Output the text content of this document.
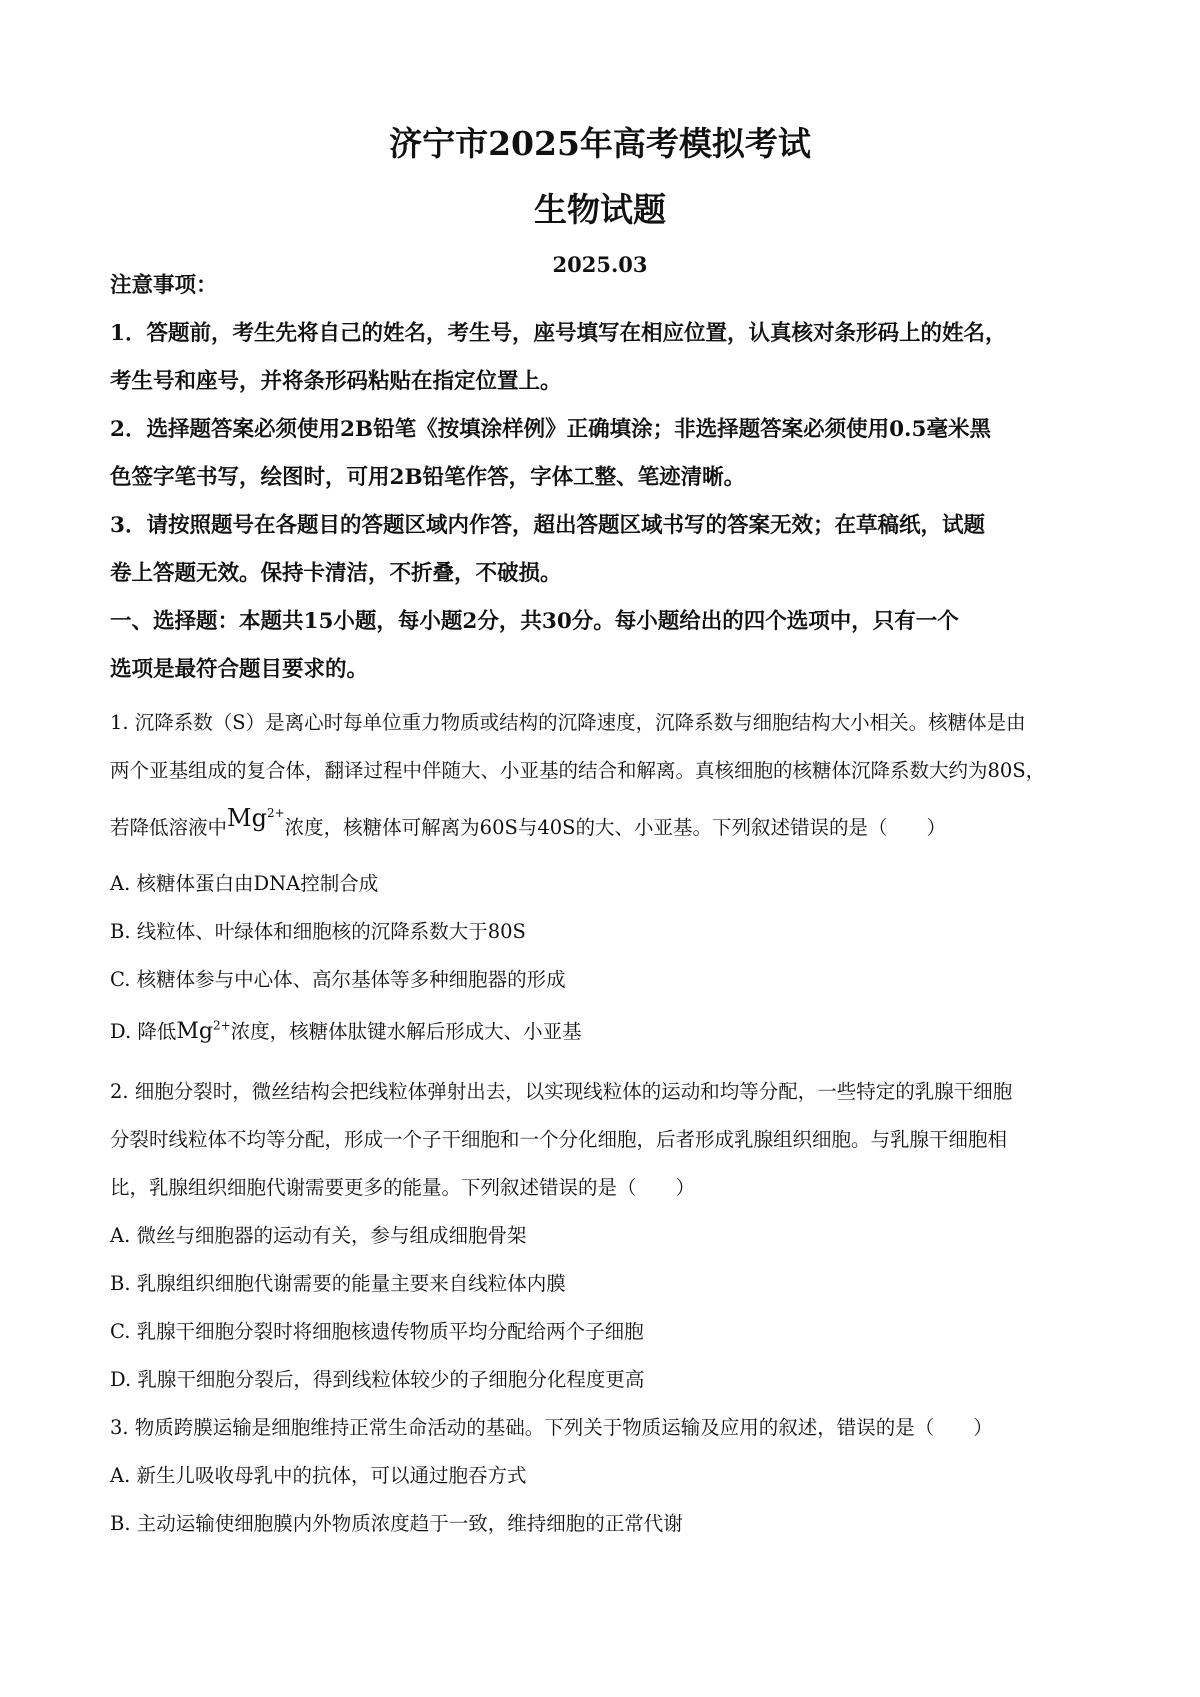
济宁市2025年高考模拟考试
生物试题
2025.03
注意事项：
1．答题前，考生先将自己的姓名，考生号，座号填写在相应位置，认真核对条形码上的姓名，
考生号和座号，并将条形码粘贴在指定位置上。
2．选择题答案必须使用2B铅笔《按填涂样例》正确填涂；非选择题答案必须使用0.5毫米黑
色签字笔书写，绘图时，可用2B铅笔作答，字体工整、笔迹清晰。
3．请按照题号在各题目的答题区域内作答，超出答题区域书写的答案无效；在草稿纸，试题
卷上答题无效。保持卡清洁，不折叠，不破损。
一、选择题：本题共15小题，每小题2分，共30分。每小题给出的四个选项中，只有一个
选项是最符合题目要求的。
1. 沉降系数（S）是离心时每单位重力物质或结构的沉降速度，沉降系数与细胞结构大小相关。核糖体是由
两个亚基组成的复合体，翻译过程中伴随大、小亚基的结合和解离。真核细胞的核糖体沉降系数大约为80S，
若降低溶液中$Mg^{2+}$浓度，核糖体可解离为60S与40S的大、小亚基。下列叙述错误的是（　　）
A. 核糖体蛋白由DNA控制合成
B. 线粒体、叶绿体和细胞核的沉降系数大于80S
C. 核糖体参与中心体、高尔基体等多种细胞器的形成
D. 降低$Mg^{2+}$浓度，核糖体肽键水解后形成大、小亚基
2. 细胞分裂时，微丝结构会把线粒体弹射出去，以实现线粒体的运动和均等分配，一些特定的乳腺干细胞
分裂时线粒体不均等分配，形成一个子干细胞和一个分化细胞，后者形成乳腺组织细胞。与乳腺干细胞相
比，乳腺组织细胞代谢需要更多的能量。下列叙述错误的是（　　）
A. 微丝与细胞器的运动有关，参与组成细胞骨架
B. 乳腺组织细胞代谢需要的能量主要来自线粒体内膜
C. 乳腺干细胞分裂时将细胞核遗传物质平均分配给两个子细胞
D. 乳腺干细胞分裂后，得到线粒体较少的子细胞分化程度更高
3. 物质跨膜运输是细胞维持正常生命活动的基础。下列关于物质运输及应用的叙述，错误的是（　　）
A. 新生儿吸收母乳中的抗体，可以通过胞吞方式
B. 主动运输使细胞膜内外物质浓度趋于一致，维持细胞的正常代谢
